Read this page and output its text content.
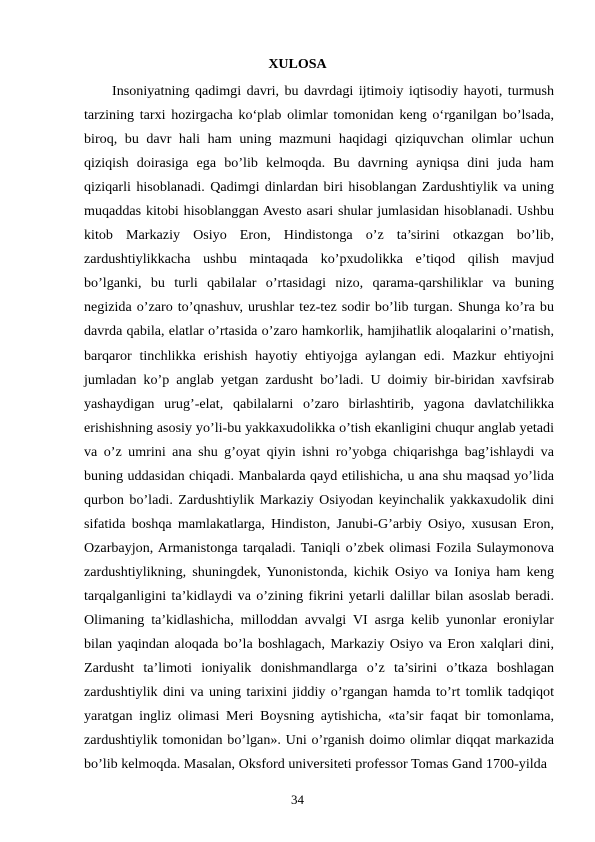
XULOSA

Insoniyatning qadimgi davri, bu davrdagi ijtimoiy iqtisodiy hayoti, turmush tarzining tarxi hozirgacha koʻplab olimlar tomonidan keng oʻrganilgan bo’lsada, biroq, bu davr hali ham uning mazmuni haqidagi qiziquvchan olimlar uchun qiziqish doirasiga ega bo’lib kelmoqda. Bu davrning ayniqsa dini juda ham qiziqarli hisoblanadi. Qadimgi dinlardan biri hisoblangan Zardushtiylik va uning muqaddas kitobi hisoblanggan Avesto asari shular jumlasidan hisoblanadi. Ushbu kitob Markaziy Osiyo Eron, Hindistonga o’z ta’sirini otkazgan bo’lib, zardushtiylikkacha ushbu mintaqada ko’pxudolikka e’tiqod qilish mavjud bo’lganki, bu turli qabilalar o’rtasidagi nizo, qarama-qarshiliklar va buning negizida o’zaro to’qnashuv, urushlar tez-tez sodir bo’lib turgan. Shunga ko’ra bu davrda qabila, elatlar o’rtasida o’zaro hamkorlik, hamjihatlik aloqalarini o’rnatish, barqaror tinchlikka erishish hayotiy ehtiyojga aylangan edi. Mazkur ehtiyojni jumladan ko’p anglab yetgan zardusht bo’ladi. U doimiy bir-biridan xavfsirab yashaydigan urug’-elat, qabilalarni o’zaro birlashtirib, yagona davlatchilikka erishishning asosiy yo’li-bu yakkaxudolikka o’tish ekanligini chuqur anglab yetadi va o’z umrini ana shu g’oyat qiyin ishni ro’yobga chiqarishga bag’ishlaydi va buning uddasidan chiqadi. Manbalarda qayd etilishicha, u ana shu maqsad yo’lida qurbon bo’ladi. Zardushtiylik Markaziy Osiyodan keyinchalik yakkaxudolik dini sifatida boshqa mamlakatlarga, Hindiston, Janubi-G’arbiy Osiyo, xususan Eron, Ozarbayjon, Armanistonga tarqaladi. Taniqli o’zbek olimasi Fozila Sulaymonova zardushtiylikning, shuningdek, Yunonistonda, kichik Osiyo va Ioniya ham keng tarqalganligini ta’kidlaydi va o’zining fikrini yetarli dalillar bilan asoslab beradi. Olimaning ta’kidlashicha, milloddan avvalgi VI asrga kelib yunonlar eroniylar bilan yaqindan aloqada bo’la boshlagach, Markaziy Osiyo va Eron xalqlari dini, Zardusht ta’limoti ioniyalik donishmandlarga o’z ta’sirini o’tkaza boshlagan zardushtiylik dini va uning tarixini jiddiy o’rgangan hamda to’rt tomlik tadqiqot yaratgan ingliz olimasi Meri Boysning aytishicha, «ta’sir faqat bir tomonlama, zardushtiylik tomonidan bo’lgan». Uni o’rganish doimo olimlar diqqat markazida bo’lib kelmoqda. Masalan, Oksford universiteti professor Tomas Gand 1700-yilda

34
